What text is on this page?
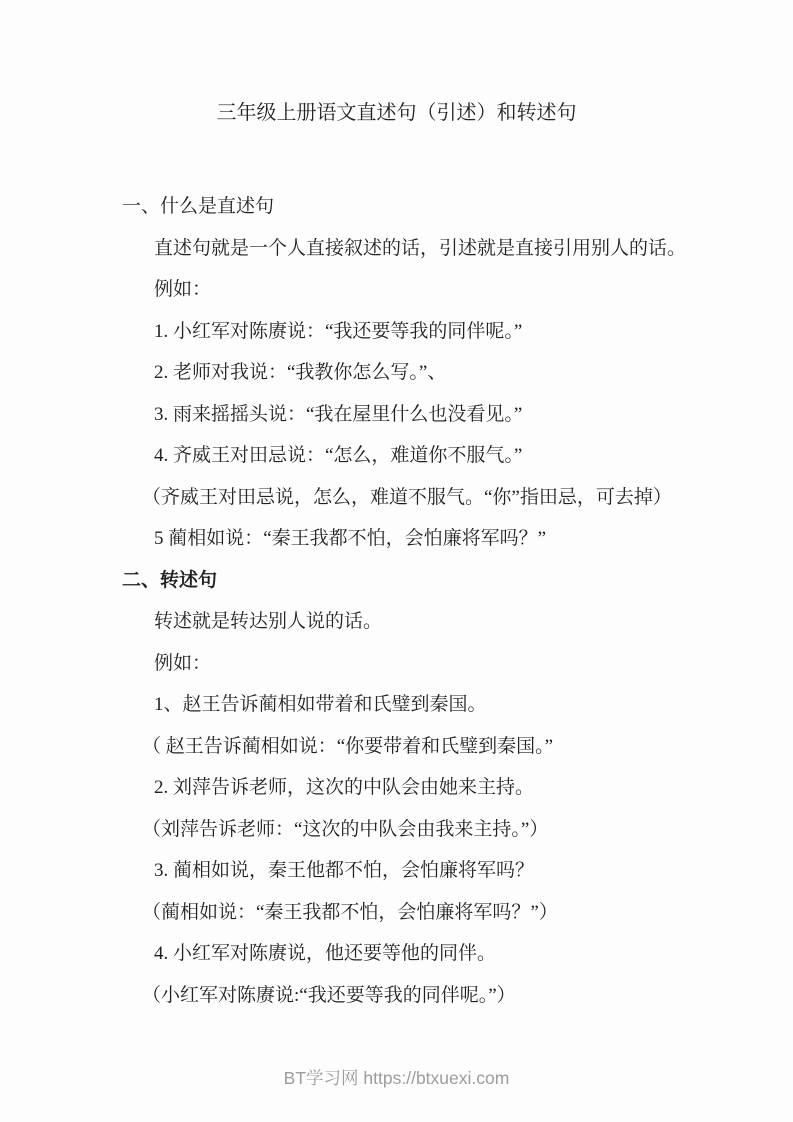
三年级上册语文直述句（引述）和转述句
一、什么是直述句
直述句就是一个人直接叙述的话，引述就是直接引用别人的话。
例如：
1. 小红军对陈赓说：“我还要等我的同伴呢。”
2. 老师对我说：“我教你怎么写。”、
3. 雨来摇摇头说：“我在屋里什么也没看见。”
4. 齐威王对田忌说：“怎么，难道你不服气。”
（齐威王对田忌说，怎么，难道不服气。“你”指田忌，可去掉）
5 蔺相如说：“秦王我都不怕，会怕廉将军吗？”
二、转述句
转述就是转达别人说的话。
例如：
1、赵王告诉蔺相如带着和氏璧到秦国。
（ 赵王告诉蔺相如说：“你要带着和氏璧到秦国。”
2. 刘萍告诉老师，这次的中队会由她来主持。
（刘萍告诉老师：“这次的中队会由我来主持。”）
3. 蔺相如说，秦王他都不怕，会怕廉将军吗？
（蔺相如说：“秦王我都不怕，会怕廉将军吗？”）
4. 小红军对陈赓说，他还要等他的同伴。
（小红军对陈赓说:“我还要等我的同伴呢。”）
BT学习网 https://btxuexi.com
